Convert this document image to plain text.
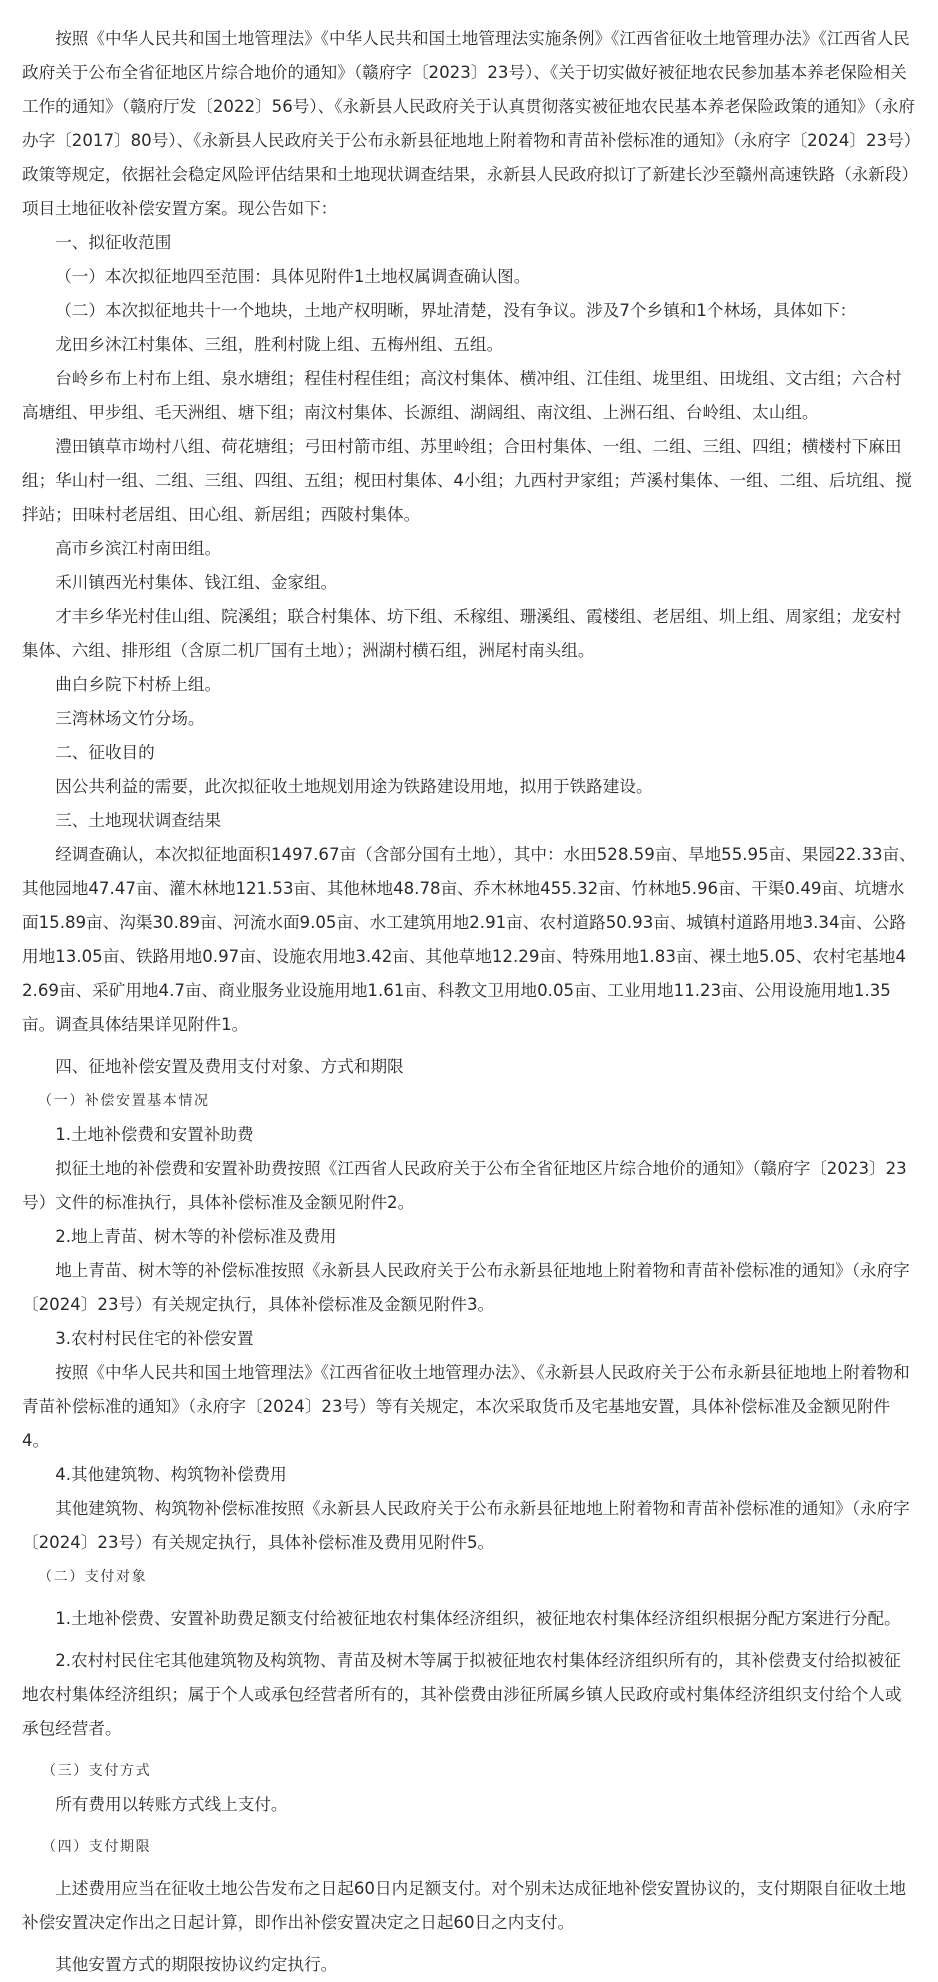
按照《中华人民共和国土地管理法》《中华人民共和国土地管理法实施条例》《江西省征收土地管理办法》《江西省人民政府关于公布全省征地区片综合地价的通知》（赣府字〔2023〕23号）、《关于切实做好被征地农民参加基本养老保险相关工作的通知》（赣府厅发〔2022〕56号）、《永新县人民政府关于认真贯彻落实被征地农民基本养老保险政策的通知》（永府办字〔2017〕80号）、《永新县人民政府关于公布永新县征地地上附着物和青苗补偿标准的通知》（永府字〔2024〕23号）政策等规定，依据社会稳定风险评估结果和土地现状调查结果，永新县人民政府拟订了新建长沙至赣州高速铁路（永新段）项目土地征收补偿安置方案。现公告如下：

一、拟征收范围

（一）本次拟征地四至范围：具体见附件1土地权属调查确认图。

（二）本次拟征地共十一个地块，土地产权明晰，界址清楚，没有争议。涉及7个乡镇和1个林场，具体如下：

龙田乡沐江村集体、三组，胜利村陇上组、五梅州组、五组。

台岭乡布上村布上组、泉水塘组；程佳村程佳组；高汶村集体、横冲组、江佳组、垅里组、田垅组、文古组；六合村高塘组、甲步组、毛天洲组、塘下组；南汶村集体、长源组、湖阔组、南汶组、上洲石组、台岭组、太山组。

澧田镇草市坳村八组、荷花塘组；弓田村箭市组、苏里岭组；合田村集体、一组、二组、三组、四组；横楼村下麻田组；华山村一组、二组、三组、四组、五组；枧田村集体、4小组；九西村尹家组；芦溪村集体、一组、二组、后坑组、搅拌站；田味村老居组、田心组、新居组；西陂村集体。

高市乡滨江村南田组。

禾川镇西光村集体、钱江组、金家组。

才丰乡华光村佳山组、院溪组；联合村集体、坊下组、禾稼组、珊溪组、霞楼组、老居组、圳上组、周家组；龙安村集体、六组、排形组（含原二机厂国有土地）；洲湖村横石组，洲尾村南头组。

曲白乡院下村桥上组。

三湾林场文竹分场。

二、征收目的

因公共利益的需要，此次拟征收土地规划用途为铁路建设用地，拟用于铁路建设。

三、土地现状调查结果

经调查确认，本次拟征地面积1497.67亩（含部分国有土地），其中：水田528.59亩、旱地55.95亩、果园22.33亩、其他园地47.47亩、灌木林地121.53亩、其他林地48.78亩、乔木林地455.32亩、竹林地5.96亩、干渠0.49亩、坑塘水面15.89亩、沟渠30.89亩、河流水面9.05亩、水工建筑用地2.91亩、农村道路50.93亩、城镇村道路用地3.34亩、公路用地13.05亩、铁路用地0.97亩、设施农用地3.42亩、其他草地12.29亩、特殊用地1.83亩、裸土地5.05、农村宅基地42.69亩、采矿用地4.7亩、商业服务业设施用地1.61亩、科教文卫用地0.05亩、工业用地11.23亩、公用设施用地1.35亩。调查具体结果详见附件1。

四、征地补偿安置及费用支付对象、方式和期限

（一）补偿安置基本情况

1.土地补偿费和安置补助费

拟征土地的补偿费和安置补助费按照《江西省人民政府关于公布全省征地区片综合地价的通知》（赣府字〔2023〕23号）文件的标准执行，具体补偿标准及金额见附件2。

2.地上青苗、树木等的补偿标准及费用

地上青苗、树木等的补偿标准按照《永新县人民政府关于公布永新县征地地上附着物和青苗补偿标准的通知》（永府字〔2024〕23号）有关规定执行，具体补偿标准及金额见附件3。

3.农村村民住宅的补偿安置

按照《中华人民共和国土地管理法》《江西省征收土地管理办法》、《永新县人民政府关于公布永新县征地地上附着物和青苗补偿标准的通知》（永府字〔2024〕23号）等有关规定，本次采取货币及宅基地安置，具体补偿标准及金额见附件4。

4.其他建筑物、构筑物补偿费用

其他建筑物、构筑物补偿标准按照《永新县人民政府关于公布永新县征地地上附着物和青苗补偿标准的通知》（永府字〔2024〕23号）有关规定执行，具体补偿标准及费用见附件5。

（二）支付对象

1.土地补偿费、安置补助费足额支付给被征地农村集体经济组织，被征地农村集体经济组织根据分配方案进行分配。

2.农村村民住宅其他建筑物及构筑物、青苗及树木等属于拟被征地农村集体经济组织所有的，其补偿费支付给拟被征地农村集体经济组织；属于个人或承包经营者所有的，其补偿费由涉征所属乡镇人民政府或村集体经济组织支付给个人或承包经营者。

（三）支付方式

所有费用以转账方式线上支付。

（四）支付期限

上述费用应当在征收土地公告发布之日起60日内足额支付。对个别未达成征地补偿安置协议的，支付期限自征收土地补偿安置决定作出之日起计算，即作出补偿安置决定之日起60日之内支付。

其他安置方式的期限按协议约定执行。
